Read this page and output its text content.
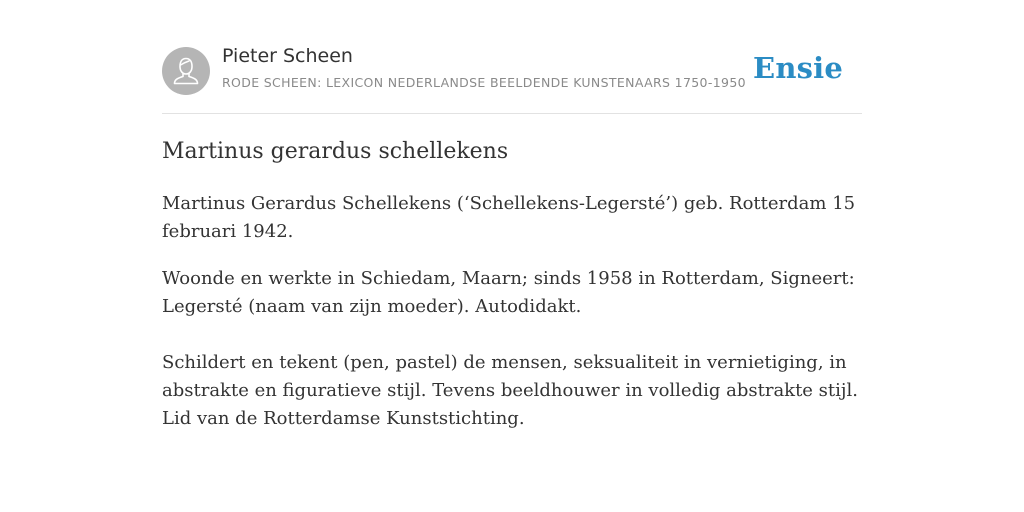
Pieter Scheen
RODE SCHEEN: LEXICON NEDERLANDSE BEELDENDE KUNSTENAARS 1750-1950 Ensie
Martinus gerardus schellekens

Martinus Gerardus Schellekens (‘Schellekens-Legersté’) geb. Rotterdam 15 februari 1942.

Woonde en werkte in Schiedam, Maarn; sinds 1958 in Rotterdam, Signeert: Legersté (naam van zijn moeder). Autodidakt.

Schildert en tekent (pen, pastel) de mensen, seksualiteit in vernietiging, in abstrakte en figuratieve stijl. Tevens beeldhouwer in volledig abstrakte stijl. Lid van de Rotterdamse Kunststichting.
